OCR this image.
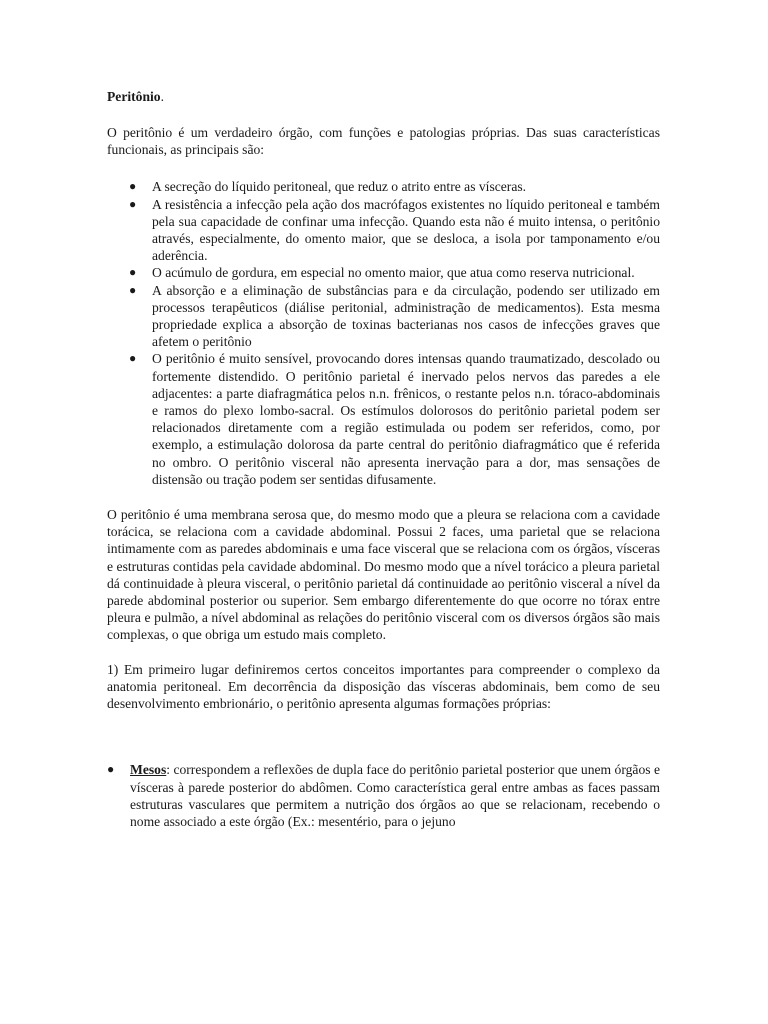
Peritônio.

O peritônio é um verdadeiro órgão, com funções e patologias próprias. Das suas características funcionais, as principais são:

● A secreção do líquido peritoneal, que reduz o atrito entre as vísceras.
● A resistência a infecção pela ação dos macrófagos existentes no líquido peritoneal e também pela sua capacidade de confinar uma infecção. Quando esta não é muito intensa, o peritônio através, especialmente, do omento maior, que se desloca, a isola por tamponamento e/ou aderência.
● O acúmulo de gordura, em especial no omento maior, que atua como reserva nutricional.
● A absorção e a eliminação de substâncias para e da circulação, podendo ser utilizado em processos terapêuticos (diálise peritonial, administração de medicamentos). Esta mesma propriedade explica a absorção de toxinas bacterianas nos casos de infecções graves que afetem o peritônio
● O peritônio é muito sensível, provocando dores intensas quando traumatizado, descolado ou fortemente distendido. O peritônio parietal é inervado pelos nervos das paredes a ele adjacentes: a parte diafragmática pelos n.n. frênicos, o restante pelos n.n. tóraco-abdominais e ramos do plexo lombo-sacral. Os estímulos dolorosos do peritônio parietal podem ser relacionados diretamente com a região estimulada ou podem ser referidos, como, por exemplo, a estimulação dolorosa da parte central do peritônio diafragmático que é referida no ombro. O peritônio visceral não apresenta inervação para a dor, mas sensações de distensão ou tração podem ser sentidas difusamente.

O peritônio é uma membrana serosa que, do mesmo modo que a pleura se relaciona com a cavidade torácica, se relaciona com a cavidade abdominal. Possui 2 faces, uma parietal que se relaciona intimamente com as paredes abdominais e uma face visceral que se relaciona com os órgãos, vísceras e estruturas contidas pela cavidade abdominal. Do mesmo modo que a nível torácico a pleura parietal dá continuidade à pleura visceral, o peritônio parietal dá continuidade ao peritônio visceral a nível da parede abdominal posterior ou superior. Sem embargo diferentemente do que ocorre no tórax entre pleura e pulmão, a nível abdominal as relações do peritônio visceral com os diversos órgãos são mais complexas, o que obriga um estudo mais completo.

1) Em primeiro lugar definiremos certos conceitos importantes para compreender o complexo da anatomia peritoneal. Em decorrência da disposição das vísceras abdominais, bem como de seu desenvolvimento embrionário, o peritônio apresenta algumas formações próprias:

● Mesos: correspondem a reflexões de dupla face do peritônio parietal posterior que unem órgãos e vísceras à parede posterior do abdômen. Como característica geral entre ambas as faces passam estruturas vasculares que permitem a nutrição dos órgãos ao que se relacionam, recebendo o nome associado a este órgão (Ex.: mesentério, para o jejuno
